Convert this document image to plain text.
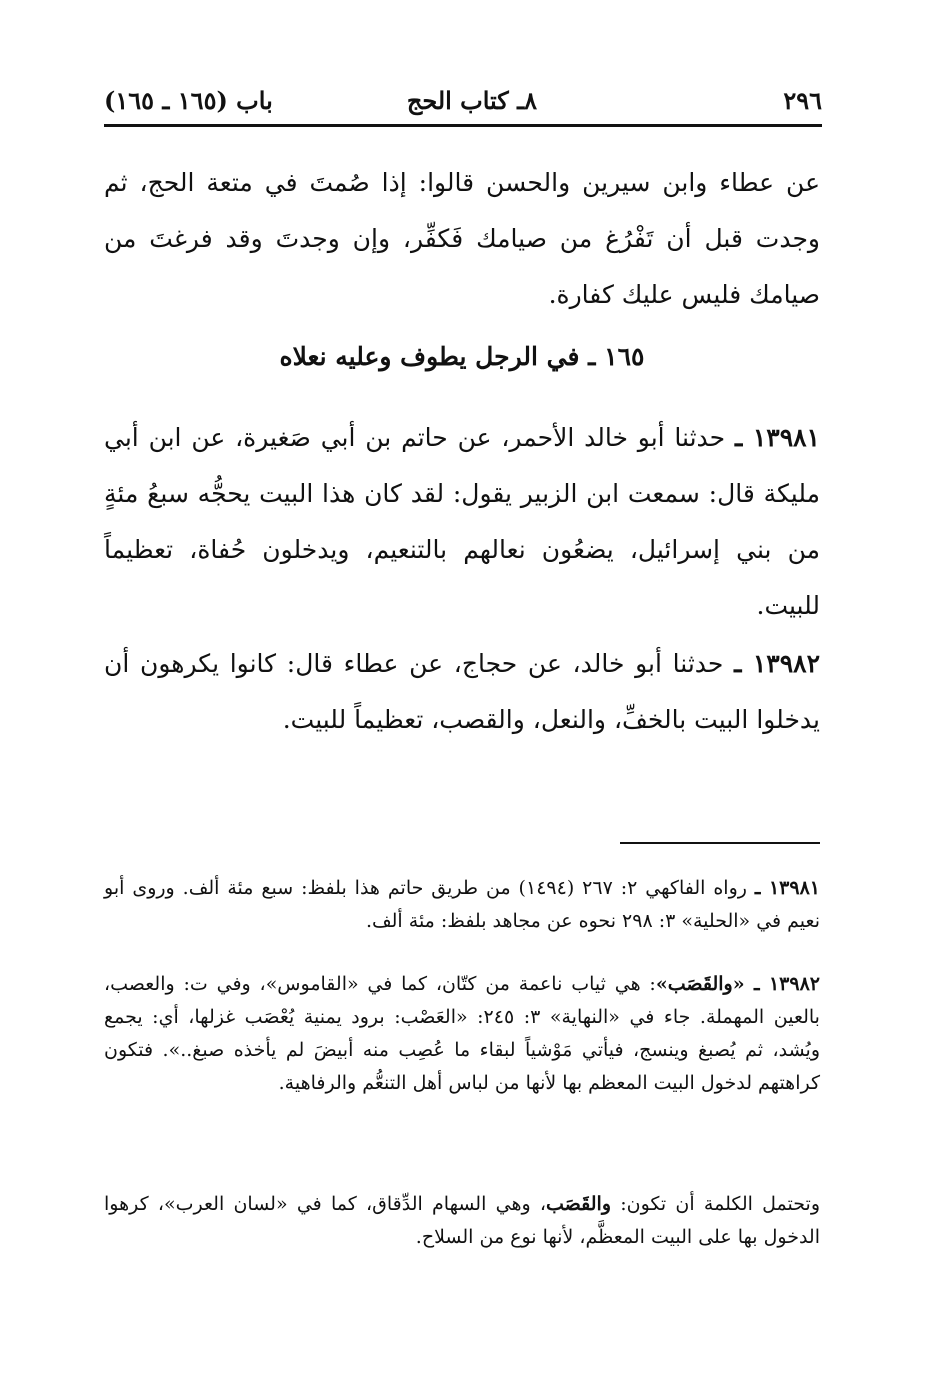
٢٩٦
٨ـ كتاب الحج
باب (١٦٥ ـ ١٦٥)

عن عطاء وابن سيرين والحسن قالوا: إذا صُمتَ في متعة الحج، ثم وجدت قبل أن تَفْرُغ من صيامك فَكفِّر، وإن وجدتَ وقد فرغتَ من صيامك فليس عليك كفارة.

١٦٥ ـ في الرجل يطوف وعليه نعلاه

١٣٩٨١ ـ حدثنا أبو خالد الأحمر، عن حاتم بن أبي صَغيرة، عن ابن أبي مليكة قال: سمعت ابن الزبير يقول: لقد كان هذا البيت يحجُّه سبعُ مئةٍ من بني إسرائيل، يضعُون نعالهم بالتنعيم، ويدخلون حُفاة، تعظيماً للبيت.

١٣٩٨٢ ـ حدثنا أبو خالد، عن حجاج، عن عطاء قال: كانوا يكرهون أن يدخلوا البيت بالخفِّ، والنعل، والقصب، تعظيماً للبيت.

١٣٩٨١ ـ رواه الفاكهي ٢: ٢٦٧ (١٤٩٤) من طريق حاتم هذا بلفظ: سبع مئة ألف. وروى أبو نعيم في «الحلية» ٣: ٢٩٨ نحوه عن مجاهد بلفظ: مئة ألف.

١٣٩٨٢ ـ «والقَصَب»: هي ثياب ناعمة من كتّان، كما في «القاموس»، وفي ت: والعصب، بالعين المهملة. جاء في «النهاية» ٣: ٢٤٥: «العَصْب: برود يمنية يُعْصَب غزلها، أي: يجمع ويُشد، ثم يُصبغ وينسج، فيأتي مَوْشياً لبقاء ما عُصِب منه أبيضَ لم يأخذه صبغ..». فتكون كراهتهم لدخول البيت المعظم بها لأنها من لباس أهل التنعُّم والرفاهية.

وتحتمل الكلمة أن تكون: والقَصَب، وهي السهام الدِّقاق، كما في «لسان العرب»، كرهوا الدخول بها على البيت المعظَّم، لأنها نوع من السلاح.
